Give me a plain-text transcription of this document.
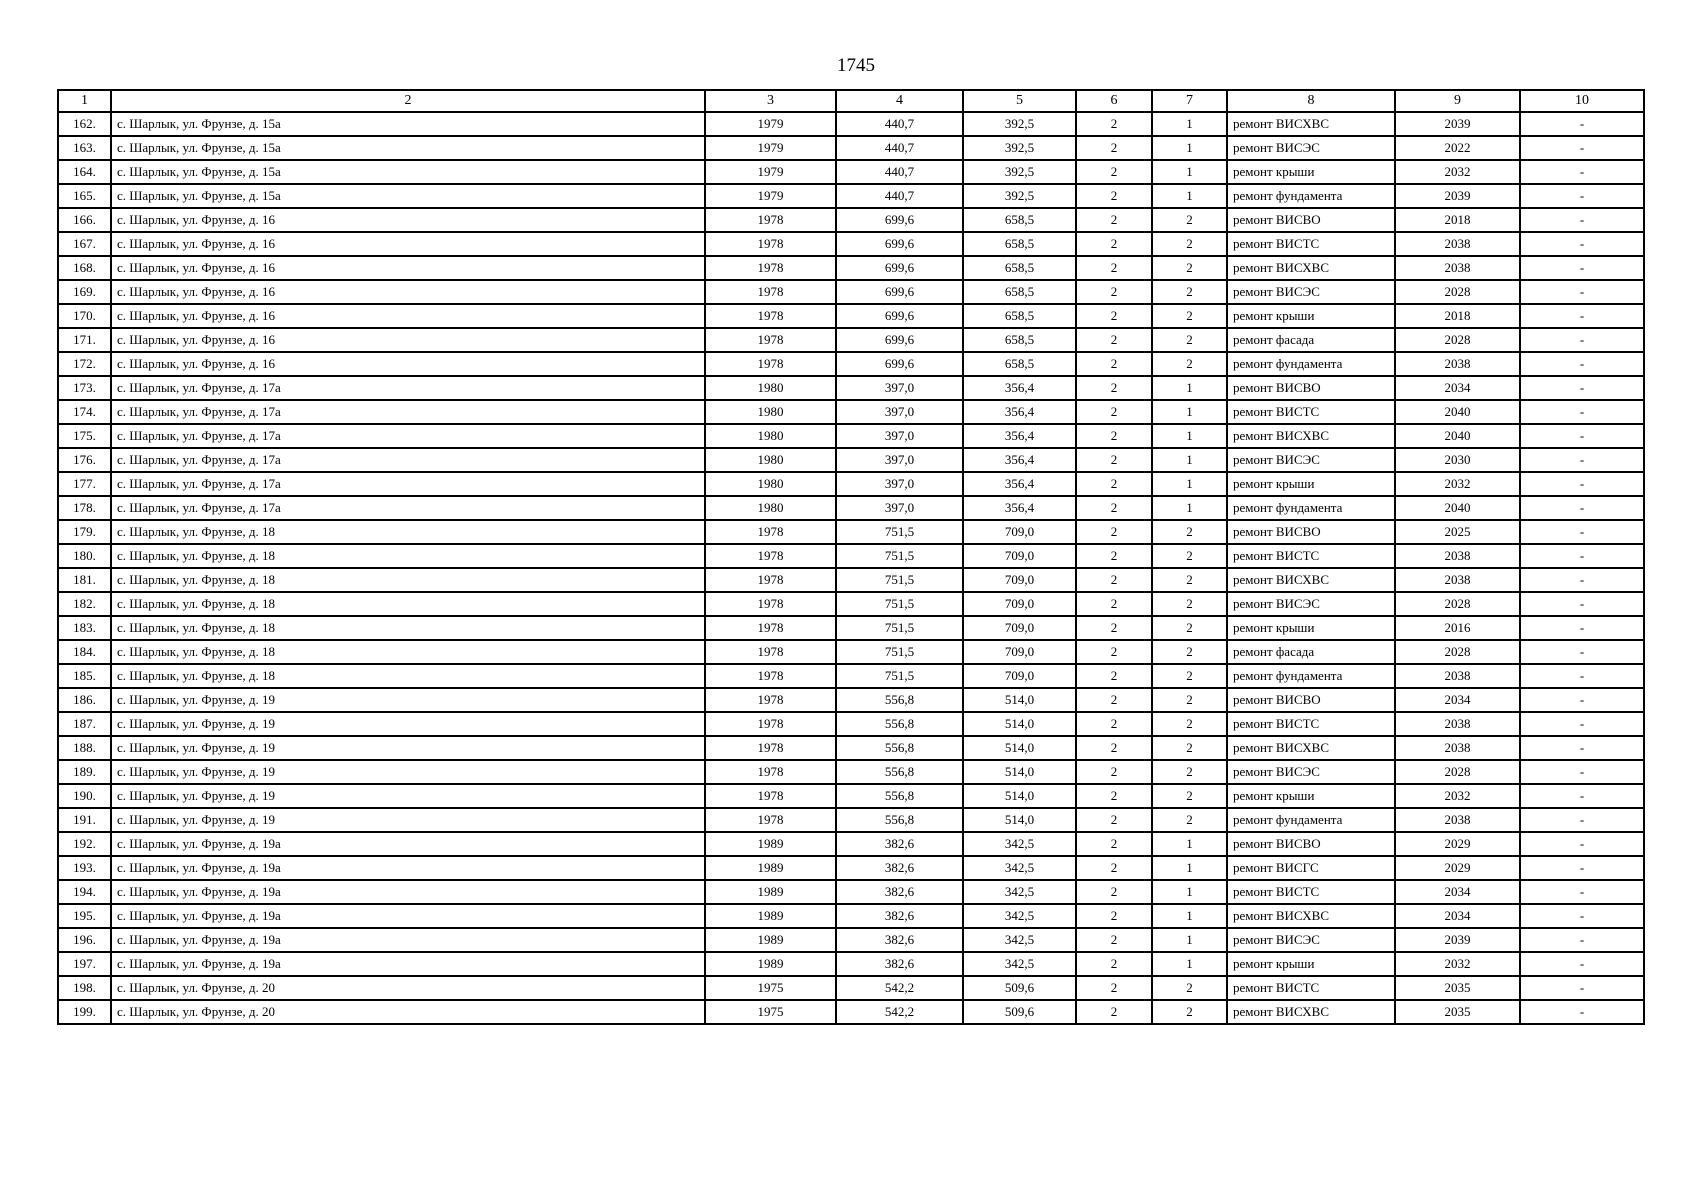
1745
1	2	3	4	5	6	7	8	9	10
162.	с. Шарлык, ул. Фрунзе, д. 15а	1979	440,7	392,5	2	1	ремонт ВИСХВС	2039	-
163.	с. Шарлык, ул. Фрунзе, д. 15а	1979	440,7	392,5	2	1	ремонт ВИСЭС	2022	-
164.	с. Шарлык, ул. Фрунзе, д. 15а	1979	440,7	392,5	2	1	ремонт крыши	2032	-
165.	с. Шарлык, ул. Фрунзе, д. 15а	1979	440,7	392,5	2	1	ремонт фундамента	2039	-
166.	с. Шарлык, ул. Фрунзе, д. 16	1978	699,6	658,5	2	2	ремонт ВИСВО	2018	-
167.	с. Шарлык, ул. Фрунзе, д. 16	1978	699,6	658,5	2	2	ремонт ВИСТС	2038	-
168.	с. Шарлык, ул. Фрунзе, д. 16	1978	699,6	658,5	2	2	ремонт ВИСХВС	2038	-
169.	с. Шарлык, ул. Фрунзе, д. 16	1978	699,6	658,5	2	2	ремонт ВИСЭС	2028	-
170.	с. Шарлык, ул. Фрунзе, д. 16	1978	699,6	658,5	2	2	ремонт крыши	2018	-
171.	с. Шарлык, ул. Фрунзе, д. 16	1978	699,6	658,5	2	2	ремонт фасада	2028	-
172.	с. Шарлык, ул. Фрунзе, д. 16	1978	699,6	658,5	2	2	ремонт фундамента	2038	-
173.	с. Шарлык, ул. Фрунзе, д. 17а	1980	397,0	356,4	2	1	ремонт ВИСВО	2034	-
174.	с. Шарлык, ул. Фрунзе, д. 17а	1980	397,0	356,4	2	1	ремонт ВИСТС	2040	-
175.	с. Шарлык, ул. Фрунзе, д. 17а	1980	397,0	356,4	2	1	ремонт ВИСХВС	2040	-
176.	с. Шарлык, ул. Фрунзе, д. 17а	1980	397,0	356,4	2	1	ремонт ВИСЭС	2030	-
177.	с. Шарлык, ул. Фрунзе, д. 17а	1980	397,0	356,4	2	1	ремонт крыши	2032	-
178.	с. Шарлык, ул. Фрунзе, д. 17а	1980	397,0	356,4	2	1	ремонт фундамента	2040	-
179.	с. Шарлык, ул. Фрунзе, д. 18	1978	751,5	709,0	2	2	ремонт ВИСВО	2025	-
180.	с. Шарлык, ул. Фрунзе, д. 18	1978	751,5	709,0	2	2	ремонт ВИСТС	2038	-
181.	с. Шарлык, ул. Фрунзе, д. 18	1978	751,5	709,0	2	2	ремонт ВИСХВС	2038	-
182.	с. Шарлык, ул. Фрунзе, д. 18	1978	751,5	709,0	2	2	ремонт ВИСЭС	2028	-
183.	с. Шарлык, ул. Фрунзе, д. 18	1978	751,5	709,0	2	2	ремонт крыши	2016	-
184.	с. Шарлык, ул. Фрунзе, д. 18	1978	751,5	709,0	2	2	ремонт фасада	2028	-
185.	с. Шарлык, ул. Фрунзе, д. 18	1978	751,5	709,0	2	2	ремонт фундамента	2038	-
186.	с. Шарлык, ул. Фрунзе, д. 19	1978	556,8	514,0	2	2	ремонт ВИСВО	2034	-
187.	с. Шарлык, ул. Фрунзе, д. 19	1978	556,8	514,0	2	2	ремонт ВИСТС	2038	-
188.	с. Шарлык, ул. Фрунзе, д. 19	1978	556,8	514,0	2	2	ремонт ВИСХВС	2038	-
189.	с. Шарлык, ул. Фрунзе, д. 19	1978	556,8	514,0	2	2	ремонт ВИСЭС	2028	-
190.	с. Шарлык, ул. Фрунзе, д. 19	1978	556,8	514,0	2	2	ремонт крыши	2032	-
191.	с. Шарлык, ул. Фрунзе, д. 19	1978	556,8	514,0	2	2	ремонт фундамента	2038	-
192.	с. Шарлык, ул. Фрунзе, д. 19а	1989	382,6	342,5	2	1	ремонт ВИСВО	2029	-
193.	с. Шарлык, ул. Фрунзе, д. 19а	1989	382,6	342,5	2	1	ремонт ВИСГС	2029	-
194.	с. Шарлык, ул. Фрунзе, д. 19а	1989	382,6	342,5	2	1	ремонт ВИСТС	2034	-
195.	с. Шарлык, ул. Фрунзе, д. 19а	1989	382,6	342,5	2	1	ремонт ВИСХВС	2034	-
196.	с. Шарлык, ул. Фрунзе, д. 19а	1989	382,6	342,5	2	1	ремонт ВИСЭС	2039	-
197.	с. Шарлык, ул. Фрунзе, д. 19а	1989	382,6	342,5	2	1	ремонт крыши	2032	-
198.	с. Шарлык, ул. Фрунзе, д. 20	1975	542,2	509,6	2	2	ремонт ВИСТС	2035	-
199.	с. Шарлык, ул. Фрунзе, д. 20	1975	542,2	509,6	2	2	ремонт ВИСХВС	2035	-
